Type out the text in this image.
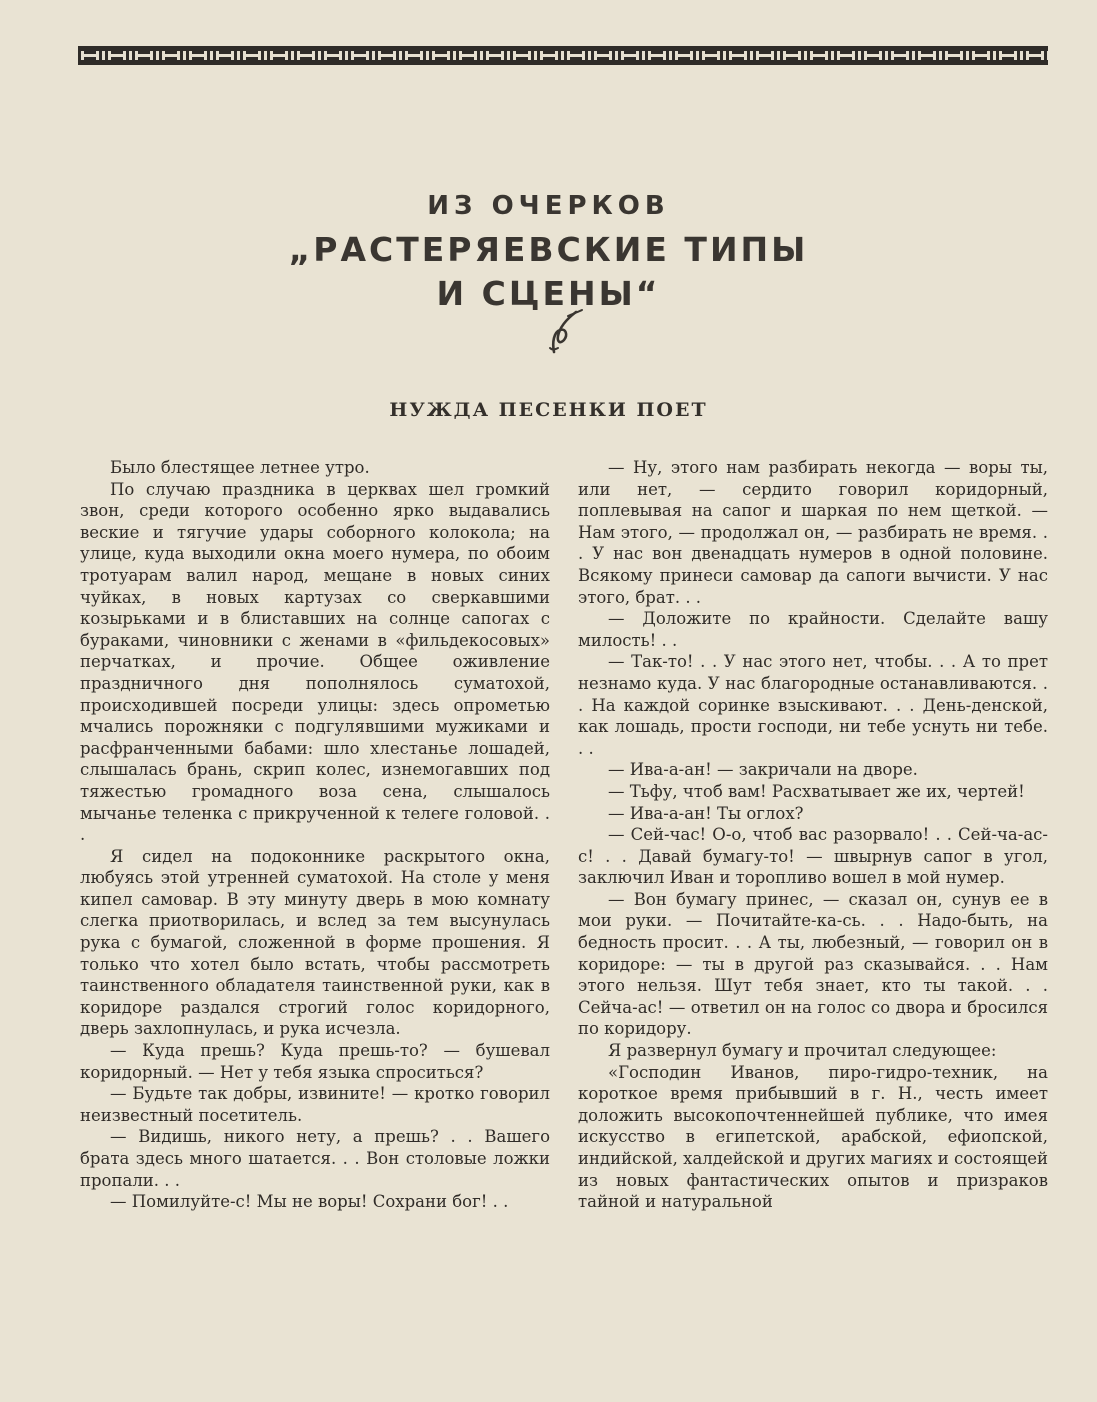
ИЗ ОЧЕРКОВ
„РАСТЕРЯЕВСКИЕ ТИПЫ
И СЦЕНЫ“
НУЖДА ПЕСЕНКИ ПОЕТ

Было блестящее летнее утро.

По случаю праздника в церквах шел громкий звон, среди которого особенно ярко выдавались веские и тягучие удары соборного колокола; на улице, куда выходили окна моего нумера, по обоим тротуарам валил народ, мещане в новых синих чуйках, в новых картузах со сверкавшими козырьками и в блиставших на солнце сапогах с бураками, чиновники с женами в «фильдекосовых» перчатках, и прочие. Общее оживление праздничного дня пополнялось суматохой, происходившей посреди улицы: здесь опрометью мчались порожняки с подгулявшими мужиками и расфранченными бабами: шло хлестанье лошадей, слышалась брань, скрип колес, изнемогавших под тяжестью громадного воза сена, слышалось мычанье теленка с прикрученной к телеге головой. . .

Я сидел на подоконнике раскрытого окна, любуясь этой утренней суматохой. На столе у меня кипел самовар. В эту минуту дверь в мою комнату слегка приотворилась, и вслед за тем высунулась рука с бумагой, сложенной в форме прошения. Я только что хотел было встать, чтобы рассмотреть таинственного обладателя таинственной руки, как в коридоре раздался строгий голос коридорного, дверь захлопнулась, и рука исчезла.

— Куда прешь? Куда прешь-то? — бушевал коридорный. — Нет у тебя языка спроситься?

— Будьте так добры, извините! — кротко говорил неизвестный посетитель.

— Видишь, никого нету, а прешь? . . Вашего брата здесь много шатается. . . Вон столовые ложки пропали. . .

— Помилуйте-с! Мы не воры! Сохрани бог! . .

— Ну, этого нам разбирать некогда — воры ты, или нет, — сердито говорил коридорный, поплевывая на сапог и шаркая по нем щеткой. — Нам этого, — продолжал он, — разбирать не время. . . У нас вон двенадцать нумеров в одной половине. Всякому принеси самовар да сапоги вычисти. У нас этого, брат. . .

— Доложите по крайности. Сделайте вашу милость! . .

— Так-то! . . У нас этого нет, чтобы. . . А то прет незнамо куда. У нас благородные останавливаются. . . На каждой соринке взыскивают. . . День-денской, как лошадь, прости господи, ни тебе уснуть ни тебе. . .

— Ива-а-ан! — закричали на дворе.

— Тьфу, чтоб вам! Расхватывает же их, чертей!

— Ива-а-ан! Ты оглох?

— Сей-час! О-о, чтоб вас разорвало! . . Сей-ча-ас-с! . . Давай бумагу-то! — швырнув сапог в угол, заключил Иван и торопливо вошел в мой нумер.

— Вон бумагу принес, — сказал он, сунув ее в мои руки. — Почитайте-ка-сь. . . Надо-быть, на бедность просит. . . А ты, любезный, — говорил он в коридоре: — ты в другой раз сказывайся. . . Нам этого нельзя. Шут тебя знает, кто ты такой. . . Сейча-ас! — ответил он на голос со двора и бросился по коридору.

Я развернул бумагу и прочитал следующее:

«Господин Иванов, пиро-гидро-техник, на короткое время прибывший в г. Н., честь имеет доложить высокопочтеннейшей публике, что имея искусство в египетской, арабской, ефиопской, индийской, халдейской и других магиях и состоящей из новых фантастических опытов и призраков тайной и натуральной
